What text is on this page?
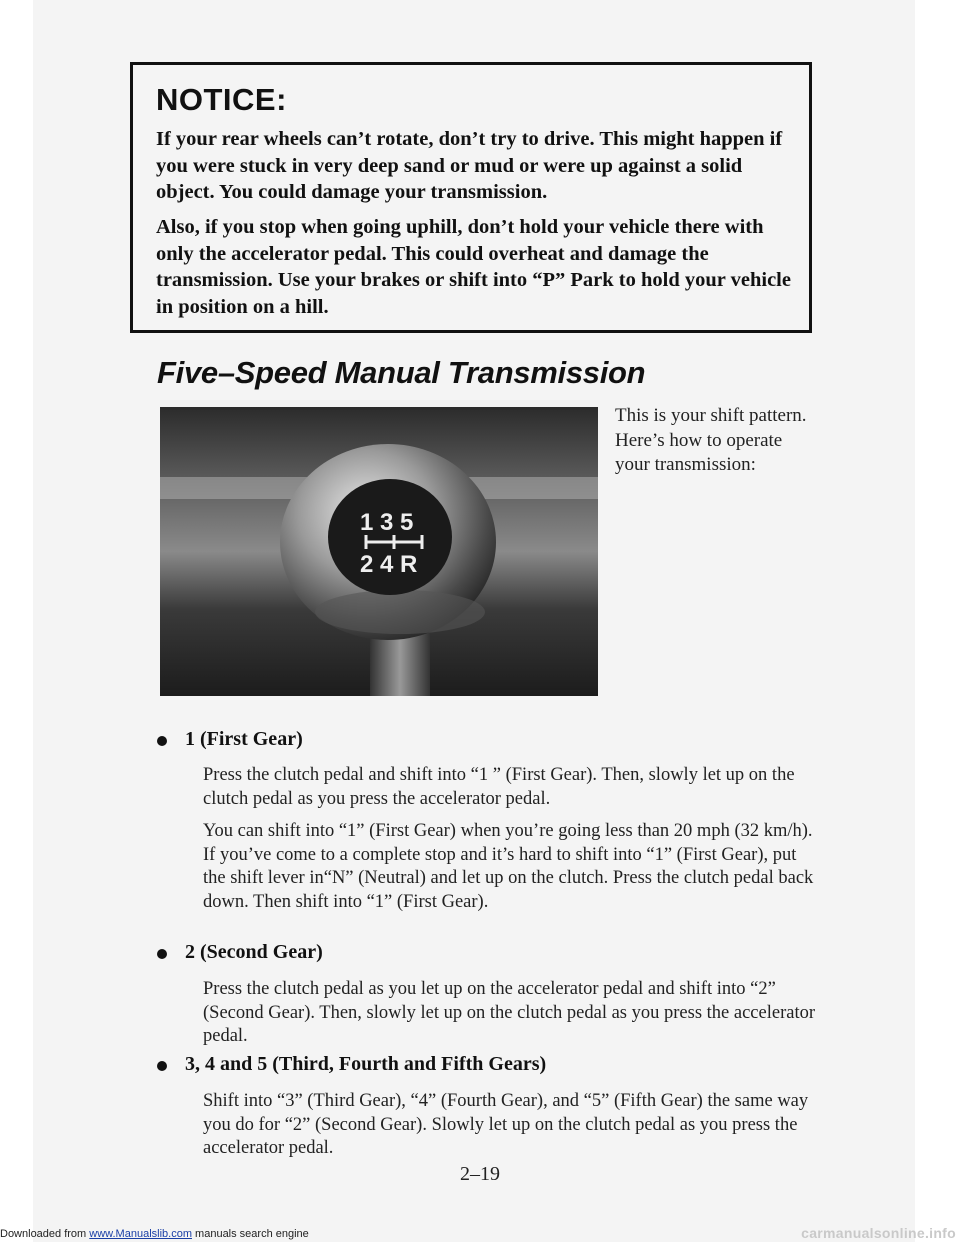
NOTICE:

If your rear wheels can’t rotate, don’t try to drive. This might happen if you were stuck in very deep sand or mud or were up against a solid object. You could damage your transmission.

Also, if you stop when going uphill, don’t hold your vehicle there with only the accelerator pedal. This could overheat and damage the transmission. Use your brakes or shift into “P” Park to hold your vehicle in position on a hill.

Five–Speed Manual Transmission
1 3 5
2 4 R

This is your shift pattern. Here’s how to operate your transmission:

1 (First Gear)

Press the clutch pedal and shift into “1 ” (First Gear). Then, slowly let up on the clutch pedal as you press the accelerator pedal.

You can shift into “1” (First Gear) when you’re going less than 20 mph (32 km/h). If you’ve come to a complete stop and it’s hard to shift into “1” (First Gear), put the shift lever in“N” (Neutral) and let up on the clutch. Press the clutch pedal back down. Then shift into “1” (First Gear).

2 (Second Gear)

Press the clutch pedal as you let up on the accelerator pedal and shift into “2” (Second Gear). Then, slowly let up on the clutch pedal as you press the accelerator pedal.

3, 4 and 5 (Third, Fourth and Fifth Gears)

Shift into “3” (Third Gear), “4” (Fourth Gear), and “5” (Fifth Gear) the same way you do for “2” (Second Gear). Slowly let up on the clutch pedal as you press the accelerator pedal.

2–19
Downloaded from www.Manualslib.com manuals search engine	carmanualsonline.info
